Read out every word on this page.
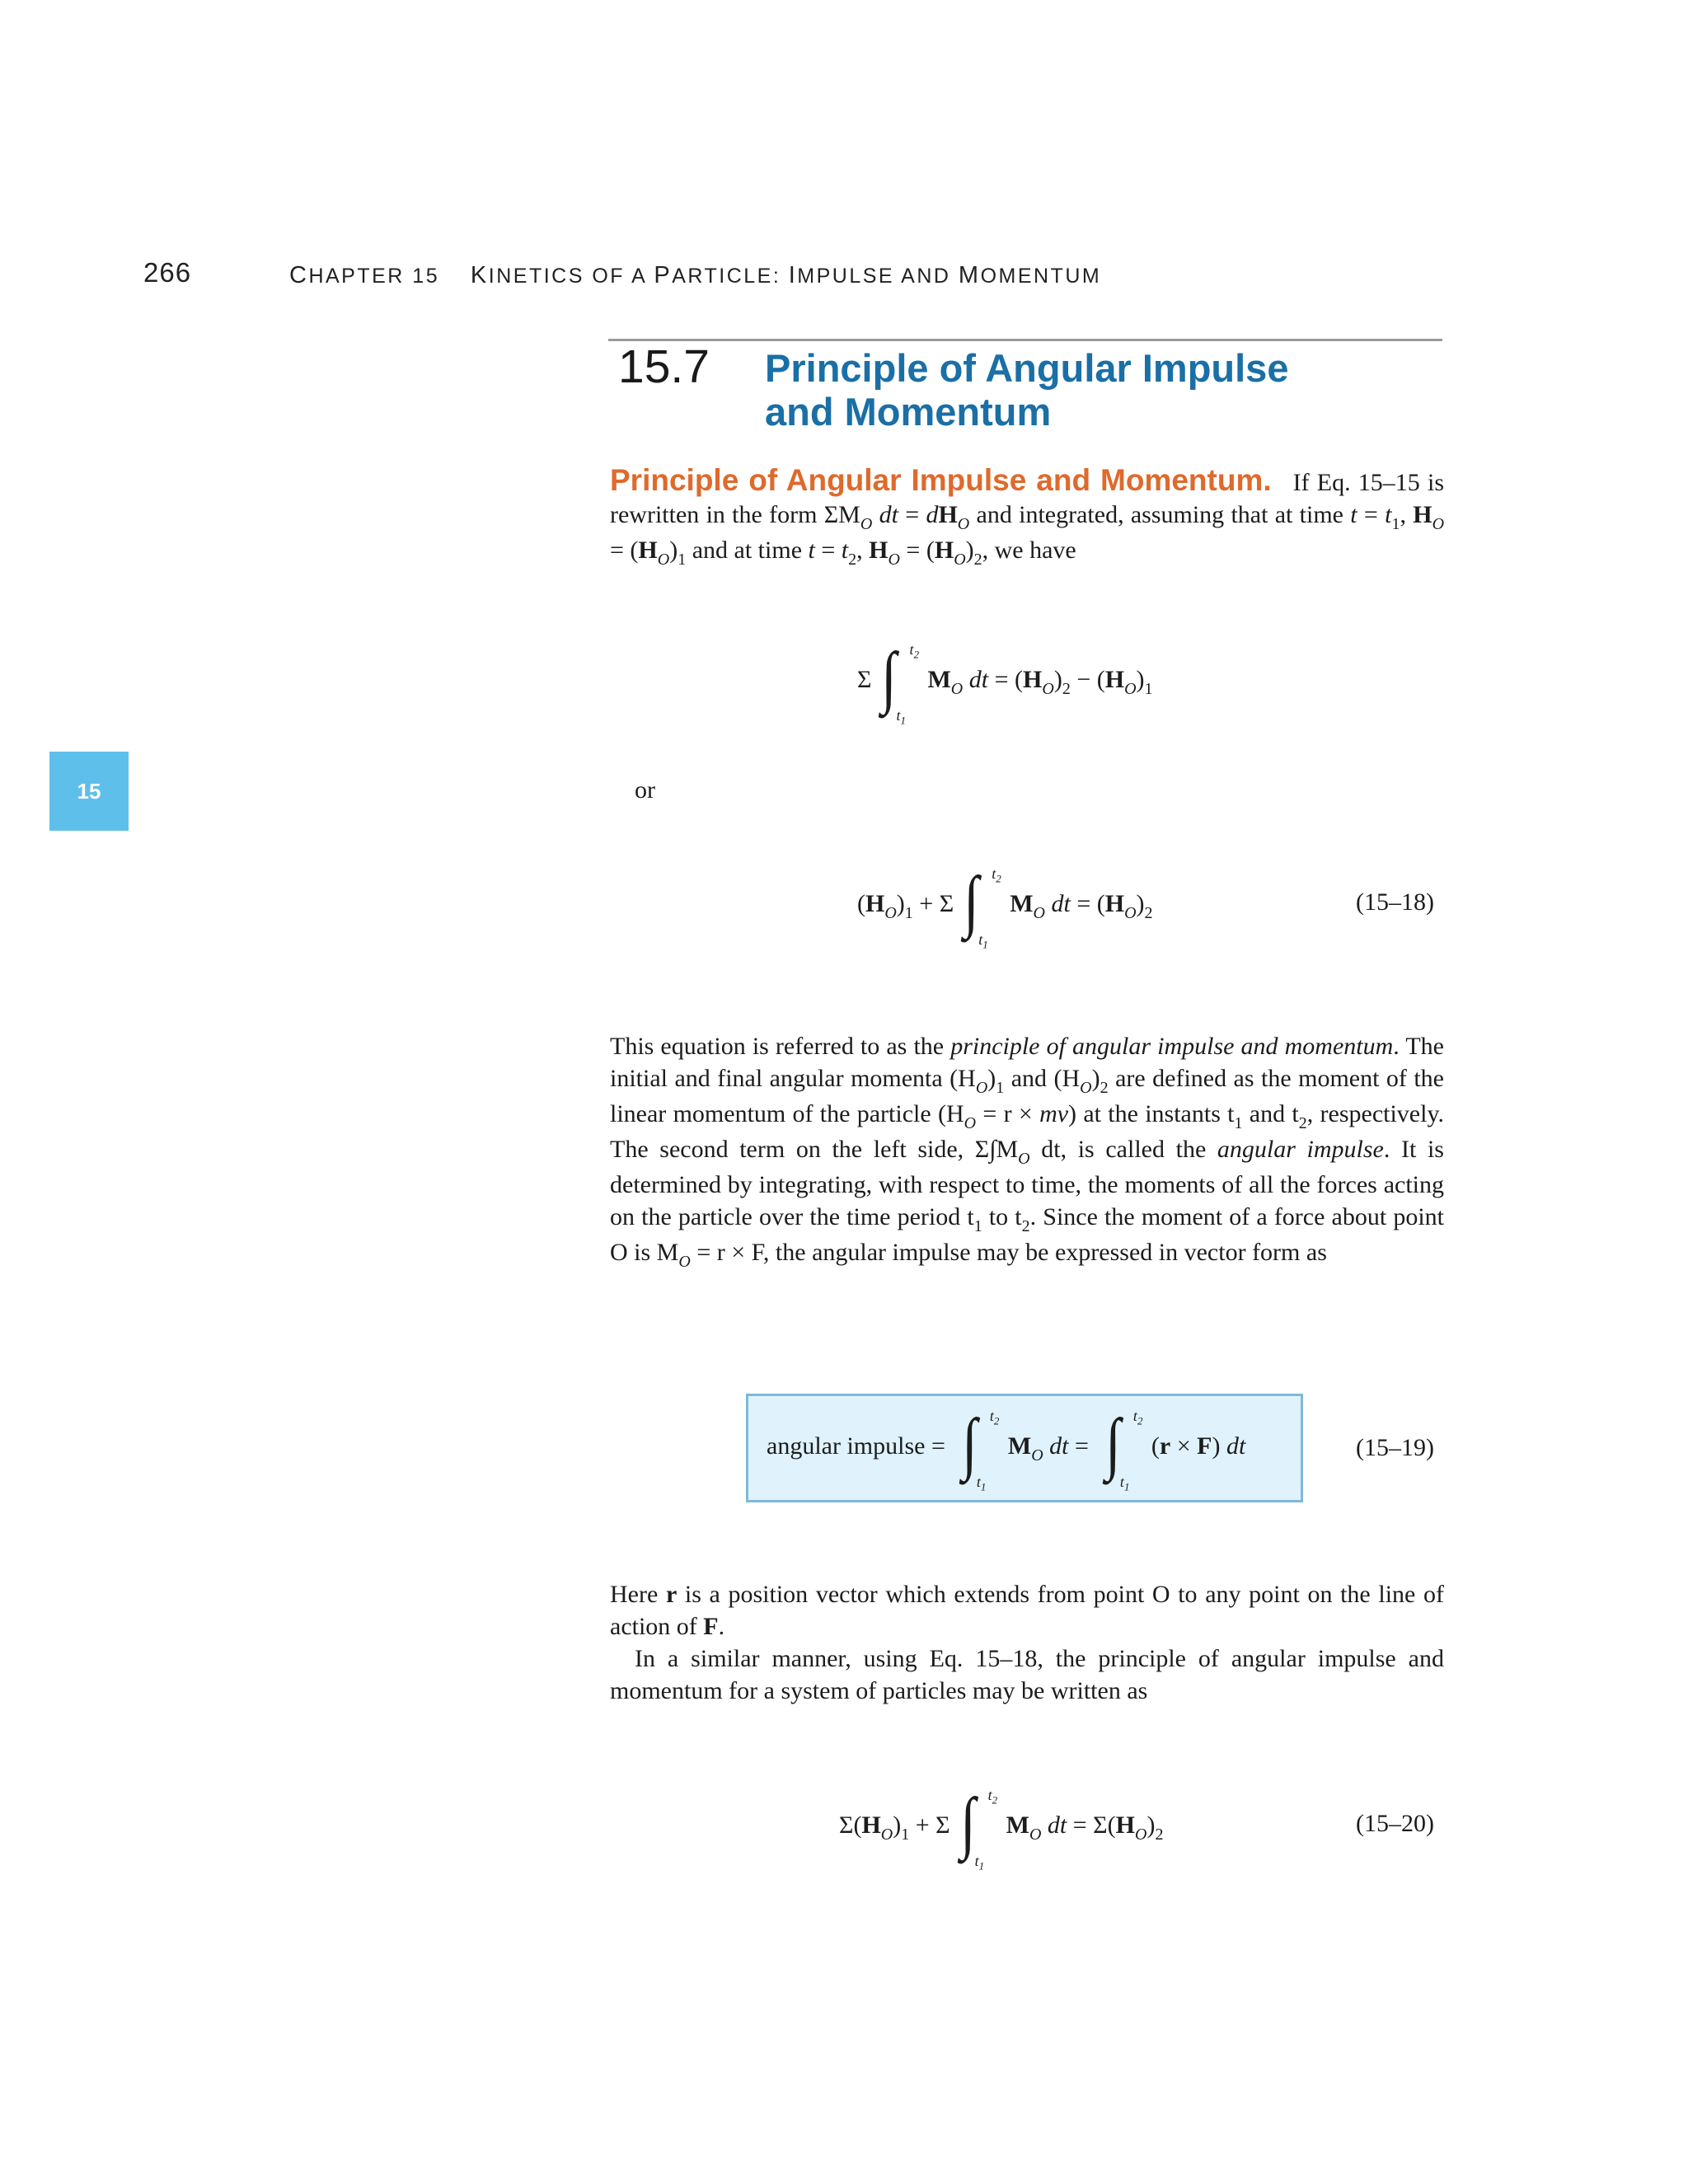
266	CHAPTER 15 KINETICS OF A PARTICLE: IMPULSE AND MOMENTUM
15.7 Principle of Angular Impulse
and Momentum

Principle of Angular Impulse and Momentum. If Eq. 15–15 is rewritten in the form $\Sigma M_O$ dt = $dH_O$ and integrated, assuming that at time $t = t_1$, $H_O = (H_O)_1$ and at time $t = t_2$, $H_O = (H_O)_2$, we have

Σ ∫ $t_2$
$t_1$
$M_O$ dt = $(H_O)_2 - (H_O)_1$
15	or
$(H_O)_1 + \Sigma$ ∫ $t_2$
$t_1$
$M_O$ dt = $(H_O)_2$	(15–18)

This equation is referred to as the principle of angular impulse and momentum. The initial and final angular momenta $(H_O)_1$ and $(H_O)_2$ are defined as the moment of the linear momentum of the particle $(H_O = r \times mv)$ at the instants $t_1$ and $t_2$, respectively. The second term on the left side, $\Sigma\int M_O$ dt, is called the angular impulse. It is determined by integrating, with respect to time, the moments of all the forces acting on the particle over the time period $t_1$ to $t_2$. Since the moment of a force about point O is $M_O = r \times F$, the angular impulse may be expressed in vector form as

angular impulse = ∫ $t_2$
$t_1$
$M_O$ dt = ∫ $t_2$
$t_1$
(r × F) dt	(15–19)

Here r is a position vector which extends from point O to any point on the line of action of F.

In a similar manner, using Eq. 15–18, the principle of angular impulse and momentum for a system of particles may be written as

$\Sigma(H_O)_1 + \Sigma$ ∫ $t_2$
$t_1$
$M_O$ dt = $\Sigma(H_O)_2$	(15–20)
